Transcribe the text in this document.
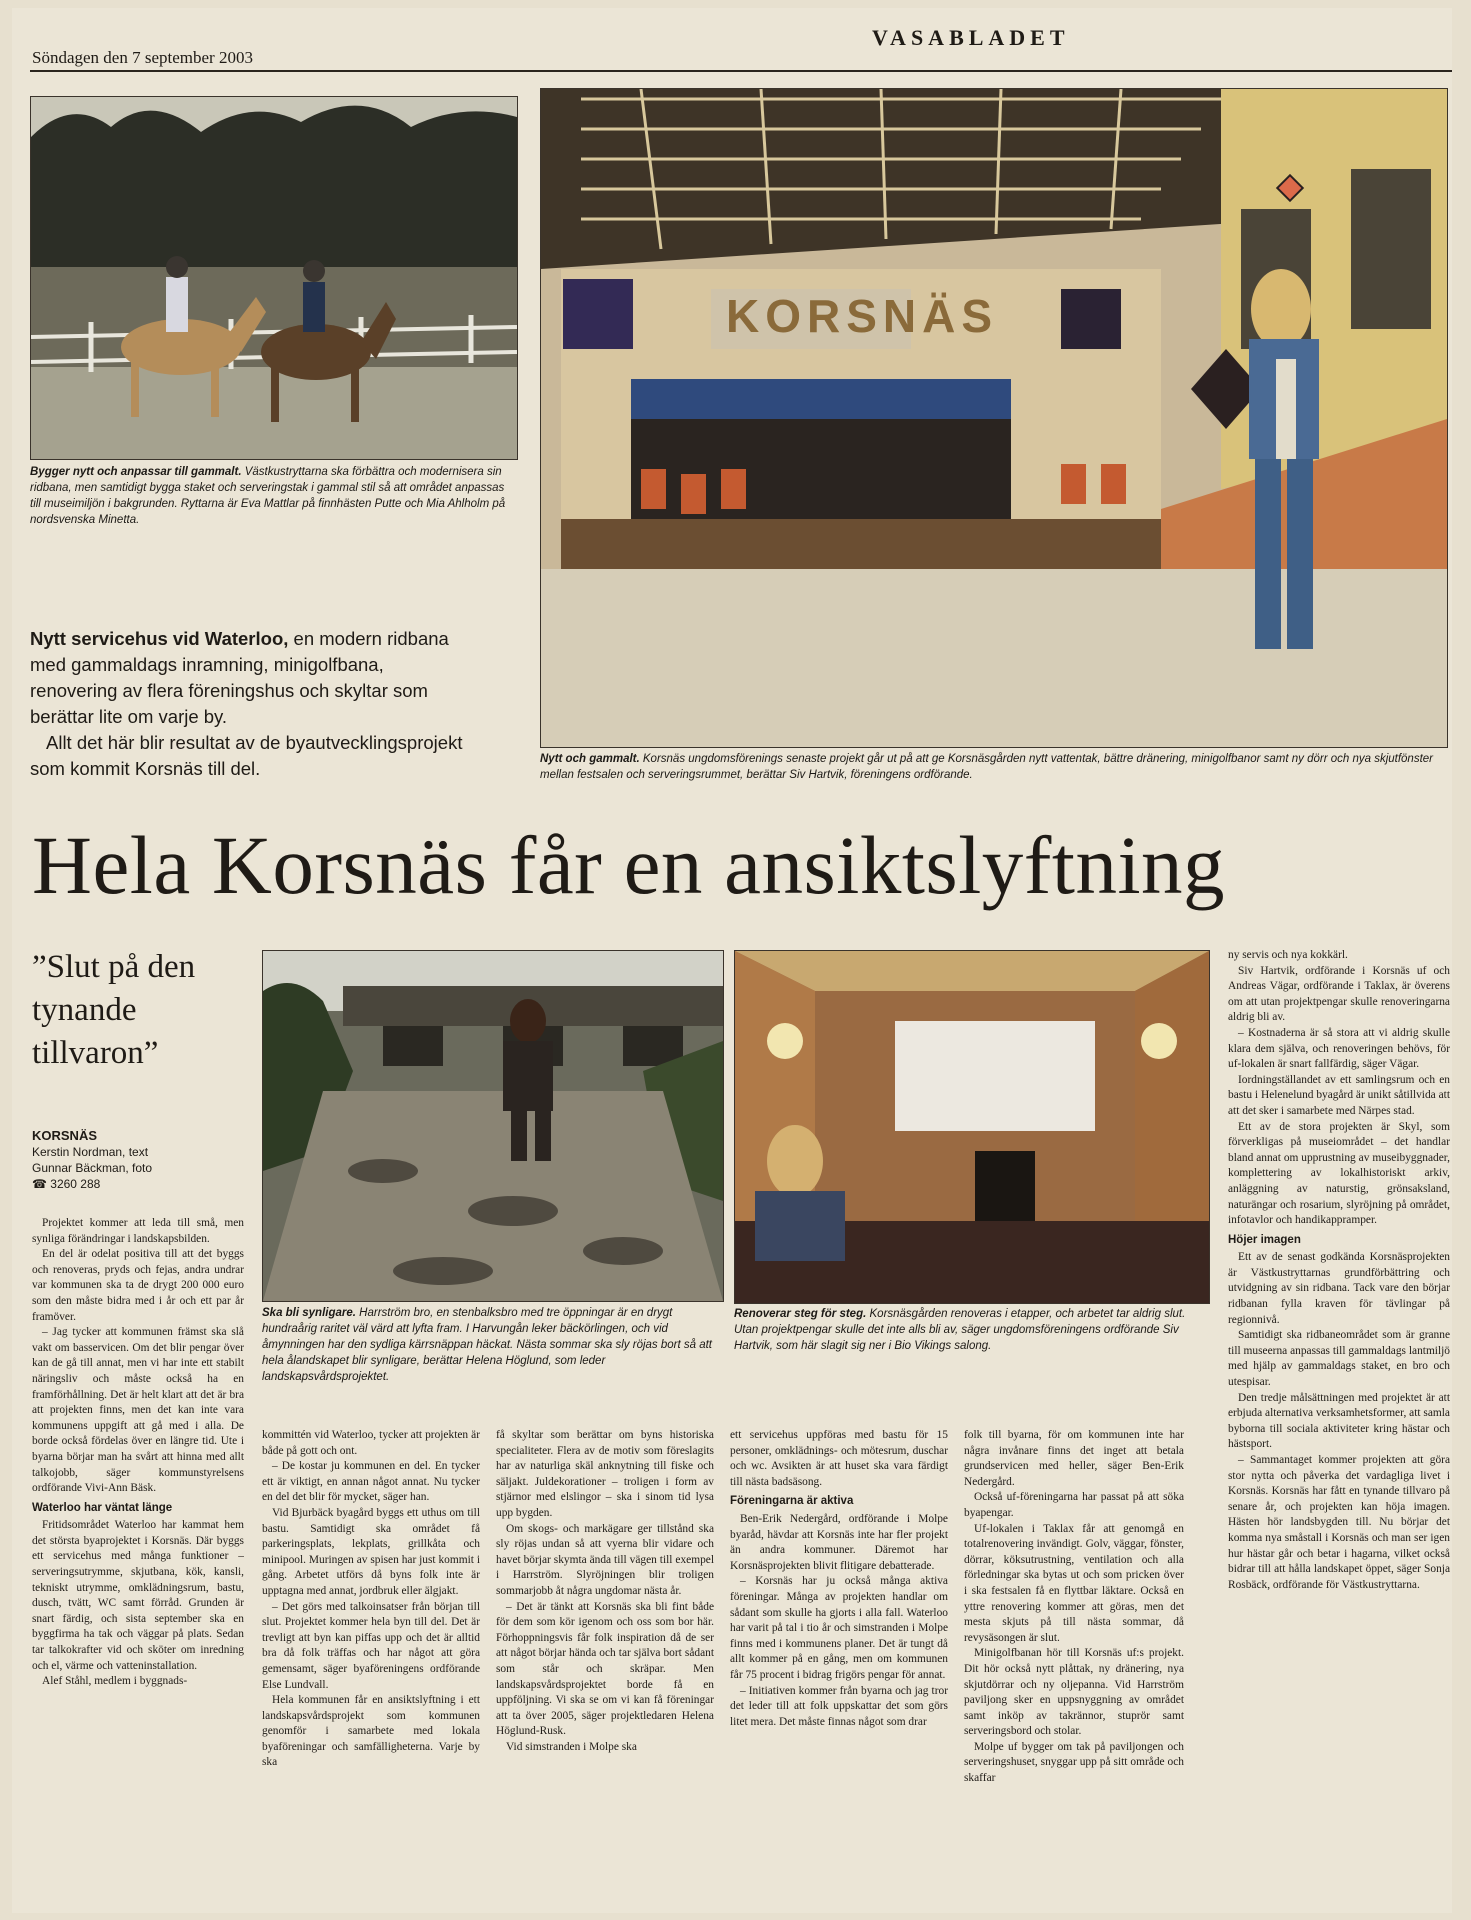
Söndagen den 7 september 2003
VASABLADET
Bygger nytt och anpassar till gammalt. Västkustryttarna ska förbättra och modernisera sin ridbana, men samtidigt bygga staket och serveringstak i gammal stil så att området anpassas till museimiljön i bakgrunden. Ryttarna är Eva Mattlar på finnhästen Putte och Mia Ahlholm på nordsvenska Minetta.

Nytt servicehus vid Waterloo, en modern ridbana med gammaldags inramning, minigolfbana, renovering av flera föreningshus och skyltar som berättar lite om varje by.

Allt det här blir resultat av de byautvecklingsprojekt som kommit Korsnäs till del.

KORSNÄS
Nytt och gammalt. Korsnäs ungdomsförenings senaste projekt går ut på att ge Korsnäsgården nytt vattentak, bättre dränering, minigolfbanor samt ny dörr och nya skjutfönster mellan festsalen och serveringsrummet, berättar Siv Hartvik, föreningens ordförande.
Hela Korsnäs får en ansiktslyftning
”Slut på den tynande tillvaron”
KORSNÄS
Kerstin Nordman, text
Gunnar Bäckman, foto
☎ 3260 288
Ska bli synligare. Harrström bro, en stenbalksbro med tre öppningar är en drygt hundraårig raritet väl värd att lyfta fram. I Harvungån leker bäckörlingen, och vid åmynningen har den sydliga kärrsnäppan häckat. Nästa sommar ska sly röjas bort så att hela ålandskapet blir synligare, berättar Helena Höglund, som leder landskapsvårdsprojektet.
Renoverar steg för steg. Korsnäsgården renoveras i etapper, och arbetet tar aldrig slut. Utan projektpengar skulle det inte alls bli av, säger ungdomsföreningens ordförande Siv Hartvik, som här slagit sig ner i Bio Vikings salong.

Projektet kommer att leda till små, men synliga förändringar i landskapsbilden.

En del är odelat positiva till att det byggs och renoveras, pryds och fejas, andra undrar var kommunen ska ta de drygt 200 000 euro som den måste bidra med i år och ett par år framöver.

– Jag tycker att kommunen främst ska slå vakt om basservicen. Om det blir pengar över kan de gå till annat, men vi har inte ett stabilt näringsliv och måste också ha en framförhållning. Det är helt klart att det är bra att projekten finns, men det kan inte vara kommunens uppgift att gå med i alla. De borde också fördelas över en längre tid. Ute i byarna börjar man ha svårt att hinna med allt talkojobb, säger kommunstyrelsens ordförande Vivi-Ann Bäsk.

Waterloo har väntat länge

Fritidsområdet Waterloo har kammat hem det största byaprojektet i Korsnäs. Där byggs ett servicehus med många funktioner – serveringsutrymme, skjutbana, kök, kansli, tekniskt utrymme, omklädningsrum, bastu, dusch, tvätt, WC samt förråd. Grunden är snart färdig, och sista september ska en byggfirma ha tak och väggar på plats. Sedan tar talkokrafter vid och sköter om inredning och el, värme och vatteninstallation.

Alef Ståhl, medlem i byggnads-

kommittén vid Waterloo, tycker att projekten är både på gott och ont.

– De kostar ju kommunen en del. En tycker ett är viktigt, en annan något annat. Nu tycker en del det blir för mycket, säger han.

Vid Bjurbäck byagård byggs ett uthus om till bastu. Samtidigt ska området få parkeringsplats, lekplats, grillkåta och minipool. Muringen av spisen har just kommit i gång. Arbetet utförs då byns folk inte är upptagna med annat, jordbruk eller älgjakt.

– Det görs med talkoinsatser från början till slut. Projektet kommer hela byn till del. Det är trevligt att byn kan piffas upp och det är alltid bra då folk träffas och har något att göra gemensamt, säger byaföreningens ordförande Else Lundvall.

Hela kommunen får en ansiktslyftning i ett landskapsvårdsprojekt som kommunen genomför i samarbete med lokala byaföreningar och samfälligheterna. Varje by ska

få skyltar som berättar om byns historiska specialiteter. Flera av de motiv som föreslagits har av naturliga skäl anknytning till fiske och säljakt. Juldekorationer – troligen i form av stjärnor med elslingor – ska i sinom tid lysa upp bygden.

Om skogs- och markägare ger tillstånd ska sly röjas undan så att vyerna blir vidare och havet börjar skymta ända till vägen till exempel i Harrström. Slyröjningen blir troligen sommarjobb åt några ungdomar nästa år.

– Det är tänkt att Korsnäs ska bli fint både för dem som kör igenom och oss som bor här. Förhoppningsvis får folk inspiration då de ser att något börjar hända och tar själva bort sådant som står och skräpar. Men landskapsvårdsprojektet borde få en uppföljning. Vi ska se om vi kan få föreningar att ta över 2005, säger projektledaren Helena Höglund-Rusk.

Vid simstranden i Molpe ska

ett servicehus uppföras med bastu för 15 personer, omklädnings- och mötesrum, duschar och wc. Avsikten är att huset ska vara färdigt till nästa badsäsong.

Föreningarna är aktiva

Ben-Erik Nedergård, ordförande i Molpe byaråd, hävdar att Korsnäs inte har fler projekt än andra kommuner. Däremot har Korsnäsprojekten blivit flitigare debatterade.

– Korsnäs har ju också många aktiva föreningar. Många av projekten handlar om sådant som skulle ha gjorts i alla fall. Waterloo har varit på tal i tio år och simstranden i Molpe finns med i kommunens planer. Det är tungt då allt kommer på en gång, men om kommunen får 75 procent i bidrag frigörs pengar för annat.

– Initiativen kommer från byarna och jag tror det leder till att folk uppskattar det som görs litet mera. Det måste finnas något som drar

folk till byarna, för om kommunen inte har några invånare finns det inget att betala grundservicen med heller, säger Ben-Erik Nedergård.

Också uf-föreningarna har passat på att söka byapengar.

Uf-lokalen i Taklax får att genomgå en totalrenovering invändigt. Golv, väggar, fönster, dörrar, köksutrustning, ventilation och alla förledningar ska bytas ut och som pricken över i ska festsalen få en flyttbar läktare. Också en yttre renovering kommer att göras, men det mesta skjuts på till nästa sommar, då revysäsongen är slut.

Minigolfbanan hör till Korsnäs uf:s projekt. Dit hör också nytt plåttak, ny dränering, nya skjutdörrar och ny oljepanna. Vid Harrström paviljong sker en uppsnyggning av området samt inköp av takrännor, stuprör samt serveringsbord och stolar.

Molpe uf bygger om tak på paviljongen och serveringshuset, snyggar upp på sitt område och skaffar

ny servis och nya kokkärl.

Siv Hartvik, ordförande i Korsnäs uf och Andreas Vägar, ordförande i Taklax, är överens om att utan projektpengar skulle renoveringarna aldrig bli av.

– Kostnaderna är så stora att vi aldrig skulle klara dem själva, och renoveringen behövs, för uf-lokalen är snart fallfärdig, säger Vägar.

Iordningställandet av ett samlingsrum och en bastu i Helenelund byagård är unikt såtillvida att att det sker i samarbete med Närpes stad.

Ett av de stora projekten är Skyl, som förverkligas på museiområdet – det handlar bland annat om upprustning av museibyggnader, komplettering av lokalhistoriskt arkiv, anläggning av naturstig, grönsaksland, naturängar och rosarium, slyröjning på området, infotavlor och handikappramper.

Höjer imagen

Ett av de senast godkända Korsnäsprojekten är Västkustryttarnas grundförbättring och utvidgning av sin ridbana. Tack vare den börjar ridbanan fylla kraven för tävlingar på regionnivå.

Samtidigt ska ridbaneområdet som är granne till museerna anpassas till gammaldags lantmiljö med hjälp av gammaldags staket, en bro och utespisar.

Den tredje målsättningen med projektet är att erbjuda alternativa verksamhetsformer, att samla byborna till sociala aktiviteter kring hästar och hästsport.

– Sammantaget kommer projekten att göra stor nytta och påverka det vardagliga livet i Korsnäs. Korsnäs har fått en tynande tillvaro på senare år, och projekten kan höja imagen. Hästen hör landsbygden till. Nu börjar det komma nya småstall i Korsnäs och man ser igen hur hästar går och betar i hagarna, vilket också bidrar till att hålla landskapet öppet, säger Sonja Rosbäck, ordförande för Västkustryttarna.
